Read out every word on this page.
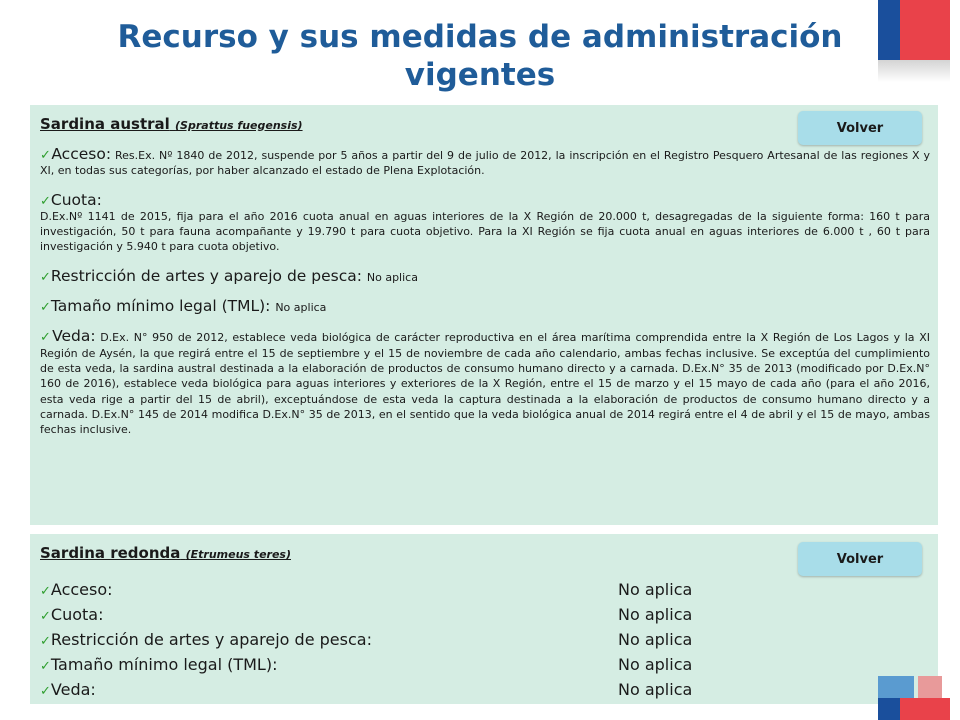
Recurso y sus medidas de administración vigentes

Sardina austral (Sprattus fuegensis)	Volver

✓Acceso: Res.Ex. Nº 1840 de 2012, suspende por 5 años a partir del 9 de julio de 2012, la inscripción en el Registro Pesquero Artesanal de las regiones X y XI, en todas sus categorías, por haber alcanzado el estado de Plena Explotación.

✓Cuota:
D.Ex.Nº 1141 de 2015, fija para el año 2016 cuota anual en aguas interiores de la X Región de 20.000 t, desagregadas de la siguiente forma: 160 t para investigación, 50 t para fauna acompañante y 19.790 t para cuota objetivo. Para la XI Región se fija cuota anual en aguas interiores de 6.000 t , 60 t para investigación y 5.940 t para cuota objetivo.

✓Restricción de artes y aparejo de pesca: No aplica

✓Tamaño mínimo legal (TML): No aplica

✓Veda: D.Ex. N° 950 de 2012, establece veda biológica de carácter reproductiva en el área marítima comprendida entre la X Región de Los Lagos y la XI Región de Aysén, la que regirá entre el 15 de septiembre y el 15 de noviembre de cada año calendario, ambas fechas inclusive. Se exceptúa del cumplimiento de esta veda, la sardina austral destinada a la elaboración de productos de consumo humano directo y a carnada. D.Ex.N° 35 de 2013 (modificado por D.Ex.N° 160 de 2016), establece veda biológica para aguas interiores y exteriores de la X Región, entre el 15 de marzo y el 15 mayo de cada año (para el año 2016, esta veda rige a partir del 15 de abril), exceptuándose de esta veda la captura destinada a la elaboración de productos de consumo humano directo y a carnada. D.Ex.N° 145 de 2014 modifica D.Ex.N° 35 de 2013, en el sentido que la veda biológica anual de 2014 regirá entre el 4 de abril y el 15 de mayo, ambas fechas inclusive.

Sardina redonda (Etrumeus teres)	Volver
✓Acceso:	No aplica
✓Cuota:	No aplica
✓Restricción de artes y aparejo de pesca:	No aplica
✓Tamaño mínimo legal (TML):	No aplica
✓Veda:	No aplica
